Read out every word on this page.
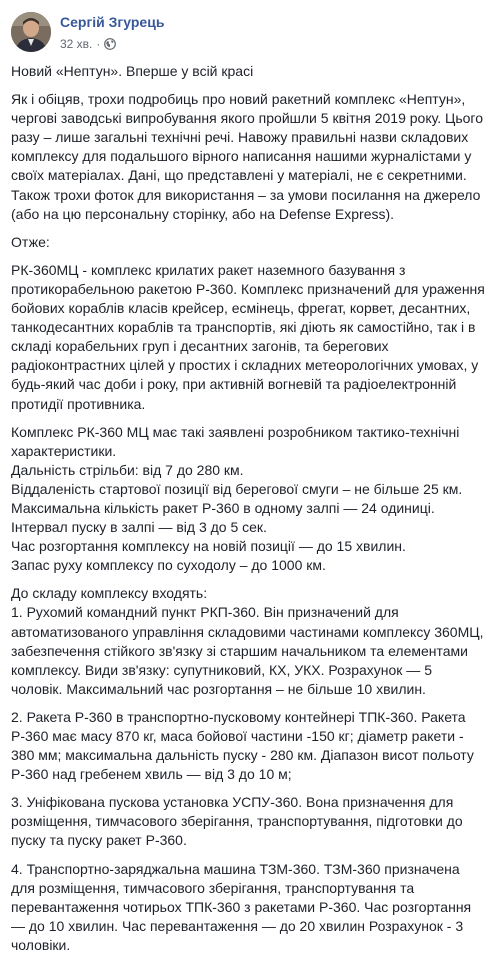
Сергій Згурець
32 хв. ·

Новий «Нептун». Вперше у всій красі

Як і обіцяв, трохи подробиць про новий ракетний комплекс «Нептун»,
чергові заводські випробування якого пройшли 5 квітня 2019 року. Цього
разу – лише загальні технічні речі. Навожу правильні назви складових
комплексу для подальшого вірного написання нашими журналістами у
своїх матеріалах. Дані, що представлені у матеріалі, не є секретними.
Також трохи фоток для використання – за умови посилання на джерело
(або на цю персональну сторінку, або на Defense Express).

Отже:

РК-360МЦ - комплекс крилатих ракет наземного базування з
протикорабельною ракетою Р-360. Комплекс призначений для ураження
бойових кораблів класів крейсер, есмінець, фрегат, корвет, десантних,
танкодесантних кораблів та транспортів, які діють як самостійно, так і в
складі корабельних груп і десантних загонів, та берегових
радіоконтрастних цілей у простих і складних метеорологічних умовах, у
будь-який час доби і року, при активній вогневій та радіоелектронній
протидії противника.

Комплекс РК-360 МЦ має такі заявлені розробником тактико-технічні
характеристики.
Дальність стрільби: від 7 до 280 км.
Віддаленість стартової позиції від берегової смуги – не більше 25 км.
Максимальна кількість ракет Р-360 в одному залпі — 24 одиниці.
Інтервал пуску в залпі — від 3 до 5 сек.
Час розгортання комплексу на новій позиції — до 15 хвилин.
Запас руху комплексу по суходолу – до 1000 км.

До складу комплексу входять:
1. Рухомий командний пункт РКП-360. Він призначений для
автоматизованого управління складовими частинами комплексу 360МЦ,
забезпечення стійкого зв'язку зі старшим начальником та елементами
комплексу. Види зв'язку: супутниковий, КХ, УКХ. Розрахунок — 5
чоловік. Максимальний час розгортання – не більше 10 хвилин.

2. Ракета Р-360 в транспортно-пусковому контейнері ТПК-360. Ракета
Р-360 має масу 870 кг, маса бойової частини -150 кг; діаметр ракети -
380 мм; максимальна дальність пуску - 280 км. Діапазон висот польоту
Р-360 над гребенем хвиль — від 3 до 10 м;

3. Уніфікована пускова установка УСПУ-360. Вона призначення для
розміщення, тимчасового зберігання, транспортування, підготовки до
пуску та пуску ракет Р-360.

4. Транспортно-заряджальна машина ТЗМ-360. ТЗМ-360 призначена
для розміщення, тимчасового зберігання, транспортування та
перевантаження чотирьох ТПК-360 з ракетами Р-360. Час розгортання
— до 10 хвилин. Час перевантаження — до 20 хвилин Розрахунок - 3
чоловіки.
